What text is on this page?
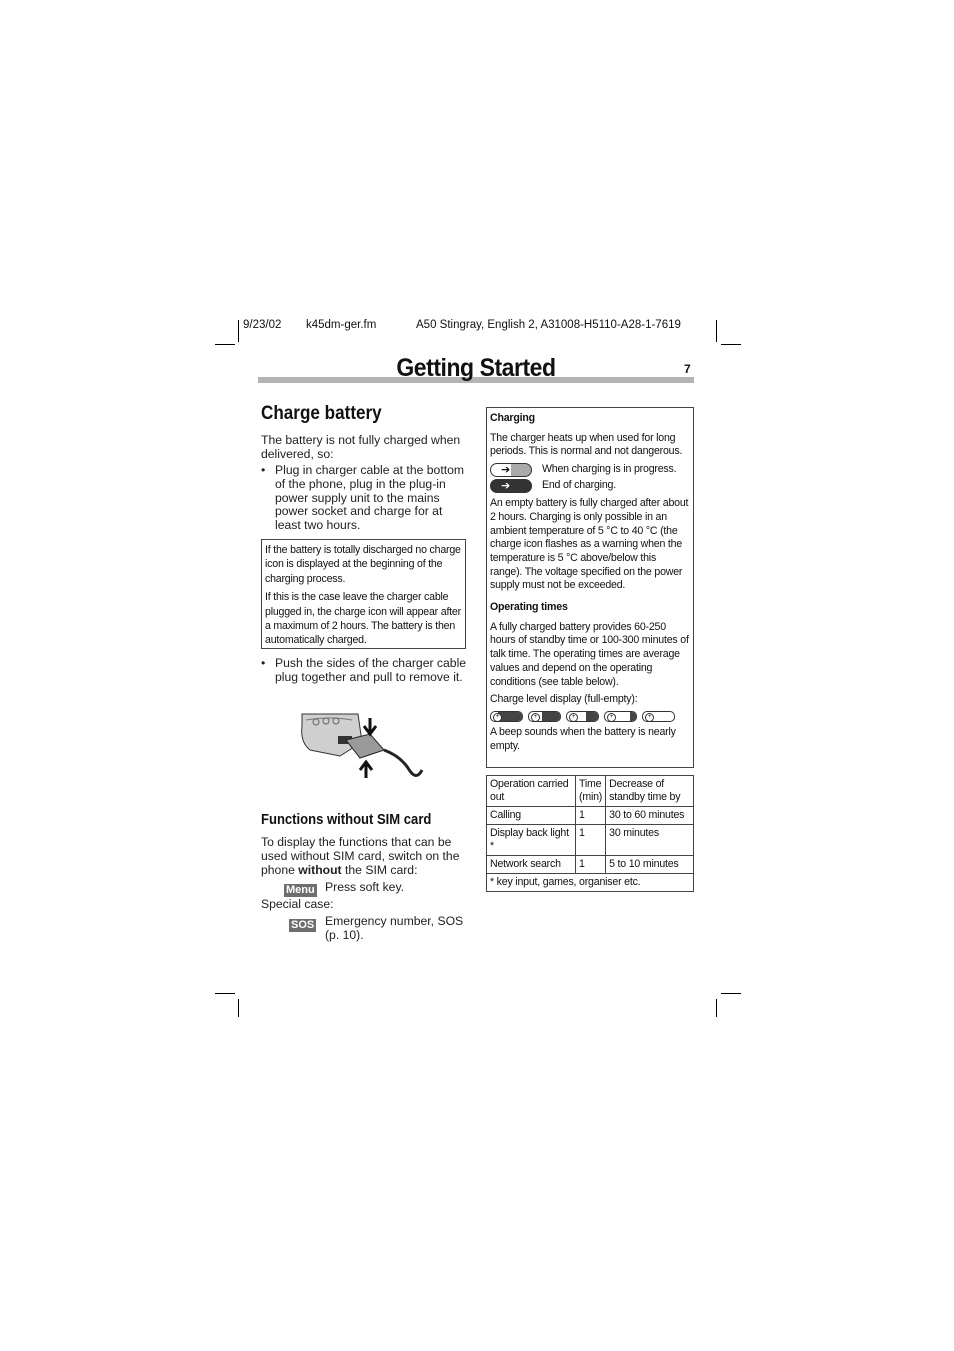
9/23/02 k45dm-ger.fm	A50 Stingray, English 2, A31008-H5110-A28-1-7619
Getting Started	7
Charge battery
The battery is not fully charged when delivered, so:
• Plug in charger cable at the bottom of the phone, plug in the plug-in power supply unit to the mains power socket and charge for at least two hours.

If the battery is totally discharged no charge icon is displayed at the beginning of the charging process.

If this is the case leave the charger cable plugged in, the charge icon will appear after a maximum of 2 hours. The battery is then automatically charged.

• Push the sides of the charger cable plug together and pull to remove it.
Functions without SIM card
To display the functions that can be used without SIM card, switch on the phone without the SIM card:
Menu Press soft key.
Special case:
SOS Emergency number, SOS (p. 10).
Charging
The charger heats up when used for long periods. This is normal and not dangerous.
➔	When charging is in progress.
➔	End of charging.
An empty battery is fully charged after about 2 hours. Charging is only possible in an ambient temperature of 5 °C to 40 °C (the charge icon flashes as a warning when the temperature is 5 °C above/below this range). The voltage specified on the power supply must not be exceeded.
Operating times
A fully charged battery provides 60-250 hours of standby time or 100-300 minutes of talk time. The operating times are average values and depend on the operating conditions (see table below).
Charge level display (full-empty):
+	+	+	+	+
A beep sounds when the battery is nearly empty.
Operation carried out	Time (min)	Decrease of standby time by
Calling	1	30 to 60 minutes
Display back light *	1	30 minutes
Network search	1	5 to 10 minutes
* key input, games, organiser etc.		
